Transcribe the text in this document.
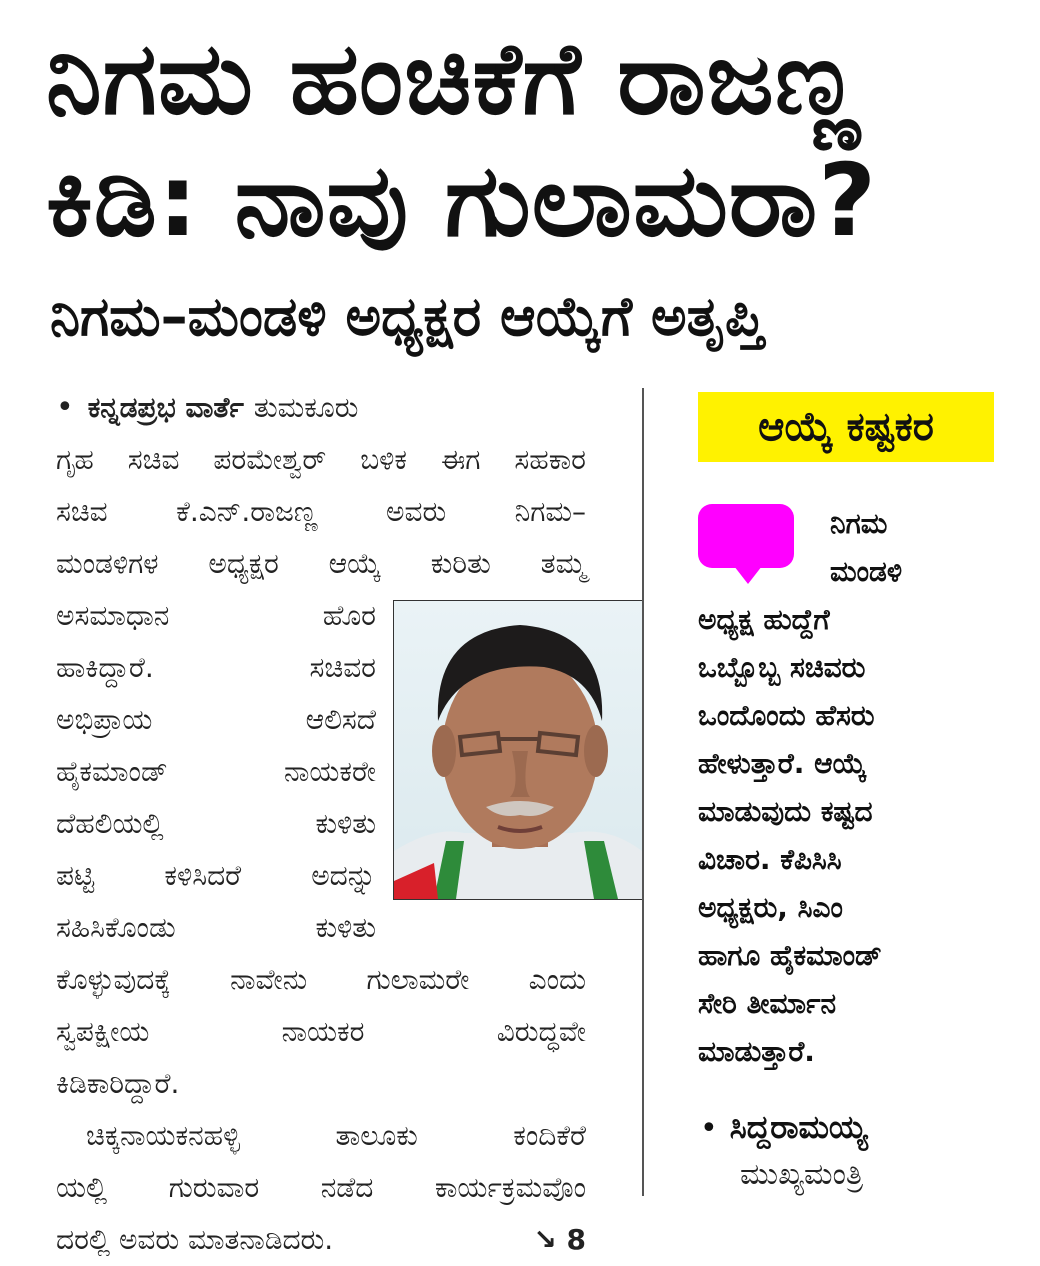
ನಿಗಮ ಹಂಚಿಕೆಗೆ ರಾಜಣ್ಣ
ಕಿಡಿ: ನಾವು ಗುಲಾಮರಾ?
ನಿಗಮ–ಮಂಡಳಿ ಅಧ್ಯಕ್ಷರ ಆಯ್ಕೆಗೆ ಅತೃಪ್ತಿ
• ಕನ್ನಡಪ್ರಭ ವಾರ್ತೆ ತುಮಕೂರು
ಗೃಹ ಸಚಿವ ಪರಮೇಶ್ವರ್ ಬಳಿಕ ಈಗ ಸಹಕಾರ
ಸಚಿವ ಕೆ.ಎನ್.ರಾಜಣ್ಣ ಅವರು ನಿಗಮ–
ಮಂಡಳಿಗಳ ಅಧ್ಯಕ್ಷರ ಆಯ್ಕೆ ಕುರಿತು ತಮ್ಮ
ಅಸಮಾಧಾನ ಹೊರ
ಹಾಕಿದ್ದಾರೆ. ಸಚಿವರ
ಅಭಿಪ್ರಾಯ ಆಲಿಸದೆ
ಹೈಕಮಾಂಡ್ ನಾಯಕರೇ
ದೆಹಲಿಯಲ್ಲಿ ಕುಳಿತು
ಪಟ್ಟಿ ಕಳಿಸಿದರೆ ಅದನ್ನು
ಸಹಿಸಿಕೊಂಡು ಕುಳಿತು
ಕೊಳ್ಳುವುದಕ್ಕೆ ನಾವೇನು ಗುಲಾಮರೇ ಎಂದು
ಸ್ವಪಕ್ಷೀಯ ನಾಯಕರ ವಿರುದ್ಧವೇ
ಕಿಡಿಕಾರಿದ್ದಾರೆ.
ಚಿಕ್ಕನಾಯಕನಹಳ್ಳಿ ತಾಲೂಕು ಕಂದಿಕೆರೆ
ಯಲ್ಲಿ ಗುರುವಾರ ನಡೆದ ಕಾರ್ಯಕ್ರಮವೊಂ
ದರಲ್ಲಿ ಅವರು ಮಾತನಾಡಿದರು.	↘ 8
ಆಯ್ಕೆ ಕಷ್ಟಕರ
ನಿಗಮ
ಮಂಡಳಿ
ಅಧ್ಯಕ್ಷ ಹುದ್ದೆಗೆ
ಒಬ್ಬೊಬ್ಬ ಸಚಿವರು
ಒಂದೊಂದು ಹೆಸರು
ಹೇಳುತ್ತಾರೆ. ಆಯ್ಕೆ
ಮಾಡುವುದು ಕಷ್ಟದ
ವಿಚಾರ. ಕೆಪಿಸಿಸಿ
ಅಧ್ಯಕ್ಷರು, ಸಿಎಂ
ಹಾಗೂ ಹೈಕಮಾಂಡ್
ಸೇರಿ ತೀರ್ಮಾನ
ಮಾಡುತ್ತಾರೆ.
• ಸಿದ್ದರಾಮಯ್ಯ
ಮುಖ್ಯಮಂತ್ರಿ
